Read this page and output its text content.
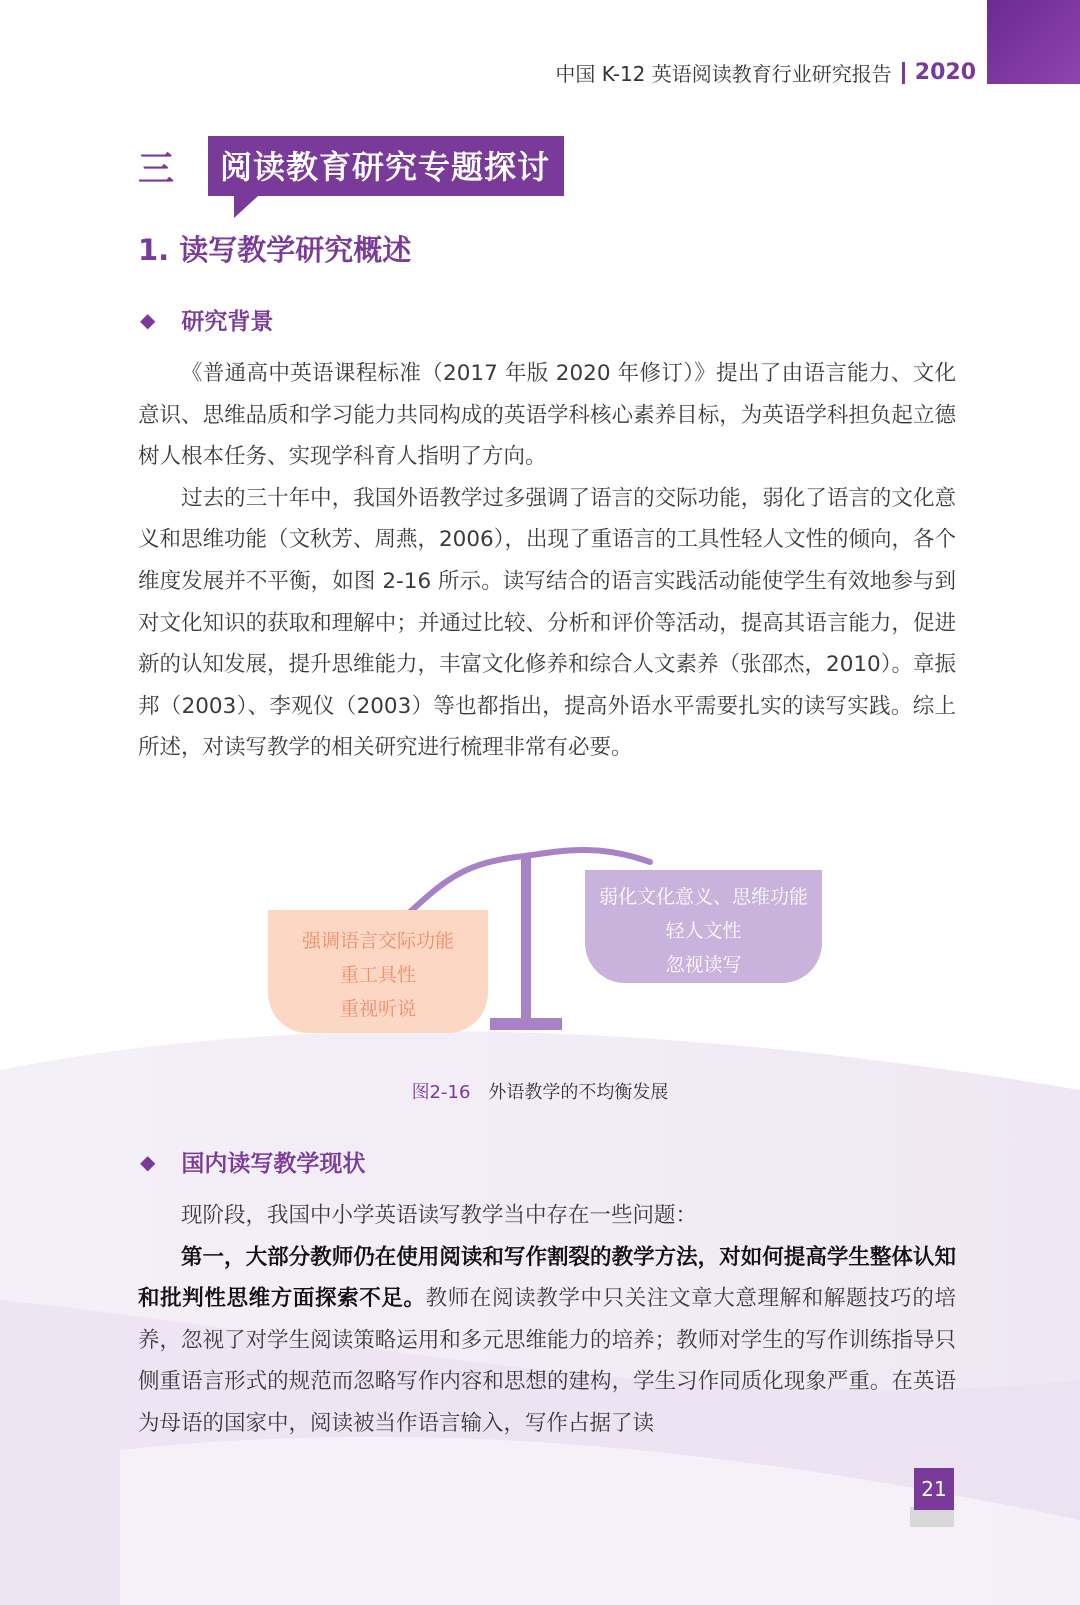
中国 K-12 英语阅读教育行业研究报告 2020
三	阅读教育研究专题探讨
1. 读写教学研究概述
◆ 研究背景

《普通高中英语课程标准（2017 年版 2020 年修订）》提出了由语言能力、文化意识、思维品质和学习能力共同构成的英语学科核心素养目标，为英语学科担负起立德树人根本任务、实现学科育人指明了方向。

过去的三十年中，我国外语教学过多强调了语言的交际功能，弱化了语言的文化意义和思维功能（文秋芳、周燕，2006），出现了重语言的工具性轻人文性的倾向，各个维度发展并不平衡，如图 2-16 所示。读写结合的语言实践活动能使学生有效地参与到对文化知识的获取和理解中；并通过比较、分析和评价等活动，提高其语言能力，促进新的认知发展，提升思维能力，丰富文化修养和综合人文素养（张邵杰，2010）。章振邦（2003）、李观仪（2003）等也都指出，提高外语水平需要扎实的读写实践。综上所述，对读写教学的相关研究进行梳理非常有必要。

强调语言交际功能
重工具性
重视听说
弱化文化意义、思维功能
轻人文性
忽视读写
图2-16 外语教学的不均衡发展
◆ 国内读写教学现状

现阶段，我国中小学英语读写教学当中存在一些问题：

第一，大部分教师仍在使用阅读和写作割裂的教学方法，对如何提高学生整体认知和批判性思维方面探索不足。教师在阅读教学中只关注文章大意理解和解题技巧的培养，忽视了对学生阅读策略运用和多元思维能力的培养；教师对学生的写作训练指导只侧重语言形式的规范而忽略写作内容和思想的建构，学生习作同质化现象严重。在英语为母语的国家中，阅读被当作语言输入，写作占据了读

21
